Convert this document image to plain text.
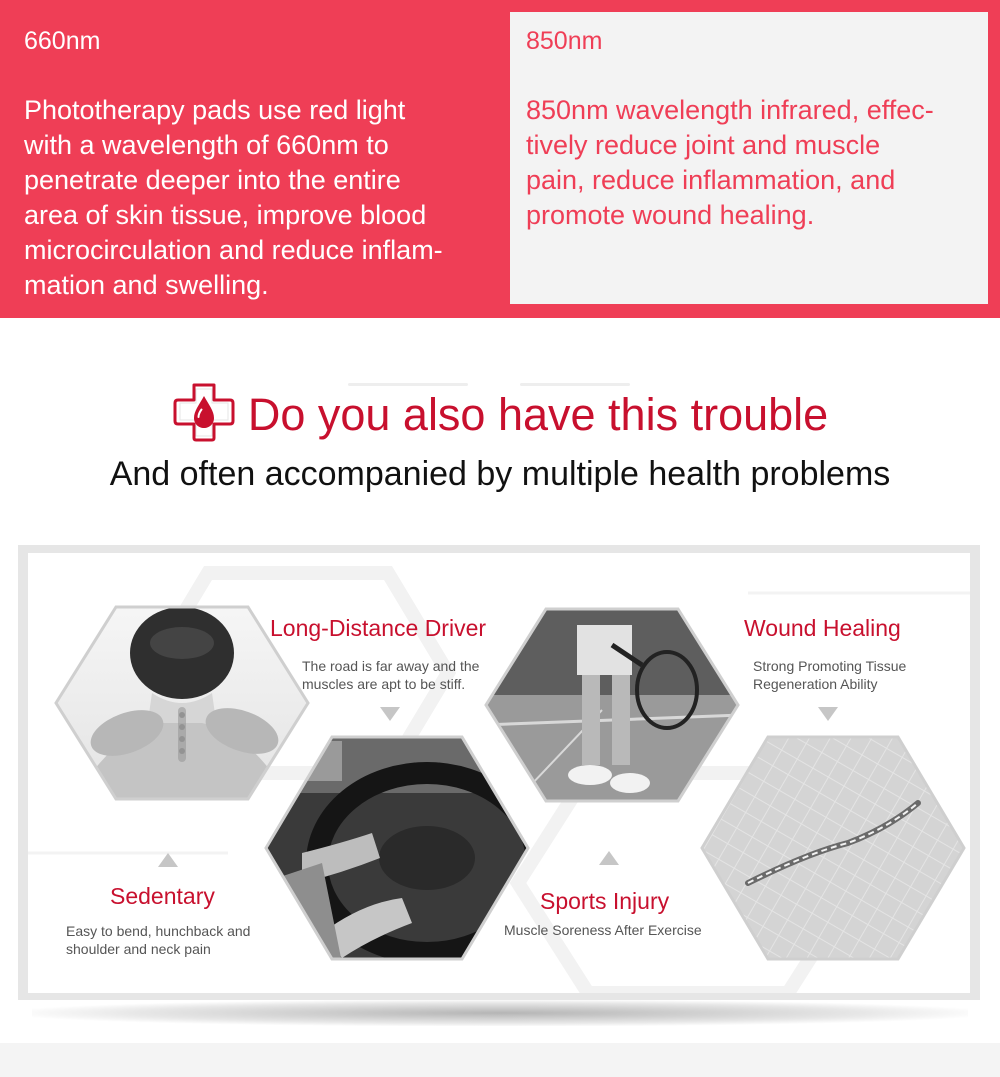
660nm
Phototherapy pads use red light
with a wavelength of 660nm to
penetrate deeper into the entire
area of skin tissue, improve blood
microcirculation and reduce inflam-
mation and swelling.
850nm
850nm wavelength infrared, effec-
tively reduce joint and muscle
pain, reduce inflammation, and
promote wound healing.
Do you also have this trouble
And often accompanied by multiple health problems
Long-Distance Driver
The road is far away and the
muscles are apt to be stiff.
Wound Healing
Strong Promoting Tissue
Regeneration Ability
Sedentary
Easy to bend, hunchback and
shoulder and neck pain
Sports Injury
Muscle Soreness After Exercise
